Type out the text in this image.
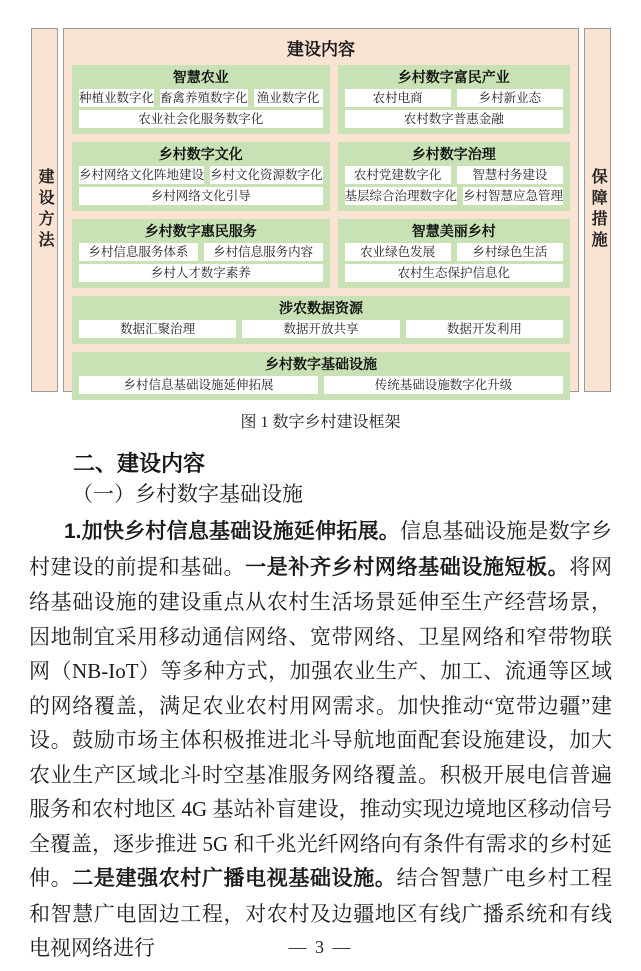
建设方法
建设内容
智慧农业
种植业数字化 畜禽养殖数字化 渔业数字化
农业社会化服务数字化
乡村数字富民产业
农村电商	乡村新业态
农村数字普惠金融
乡村数字文化
乡村网络文化阵地建设 乡村文化资源数字化
乡村网络文化引导
乡村数字治理
农村党建数字化	智慧村务建设
基层综合治理数字化 乡村智慧应急管理
乡村数字惠民服务
乡村信息服务体系	乡村信息服务内容
乡村人才数字素养
智慧美丽乡村
农业绿色发展	乡村绿色生活
农村生态保护信息化
涉农数据资源
数据汇聚治理	数据开放共享	数据开发利用
乡村数字基础设施
乡村信息基础设施延伸拓展	传统基础设施数字化升级
保障措施
图 1 数字乡村建设框架
二、建设内容
（一）乡村数字基础设施
1.加快乡村信息基础设施延伸拓展。信息基础设施是数字乡村建设的前提和基础。一是补齐乡村网络基础设施短板。将网络基础设施的建设重点从农村生活场景延伸至生产经营场景，因地制宜采用移动通信网络、宽带网络、卫星网络和窄带物联网（NB-IoT）等多种方式，加强农业生产、加工、流通等区域的网络覆盖，满足农业农村用网需求。加快推动“宽带边疆”建设。鼓励市场主体积极推进北斗导航地面配套设施建设，加大农业生产区域北斗时空基准服务网络覆盖。积极开展电信普遍服务和农村地区 4G 基站补盲建设，推动实现边境地区移动信号全覆盖，逐步推进 5G 和千兆光纤网络向有条件有需求的乡村延伸。二是建强农村广播电视基础设施。结合智慧广电乡村工程和智慧广电固边工程，对农村及边疆地区有线广播系统和有线电视网络进行	— 3 —
